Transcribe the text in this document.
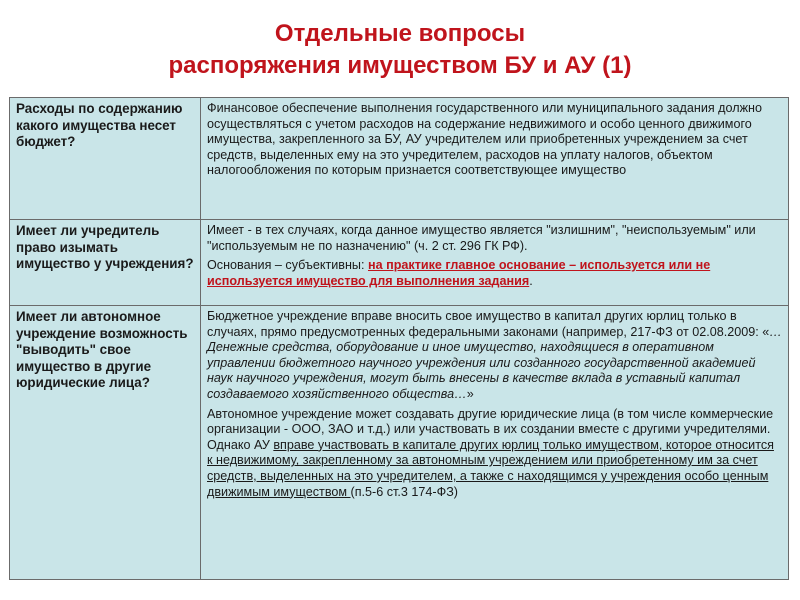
Отдельные вопросы
распоряжения имуществом БУ и АУ (1)
Расходы по содержанию какого имущества несет бюджет?	Финансовое обеспечение выполнения государственного или муниципального задания должно осуществляться с учетом расходов на содержание недвижимого и особо ценного движимого имущества, закрепленного за БУ, АУ учредителем или приобретенных учреждением за счет средств, выделенных ему на это учредителем, расходов на уплату налогов, объектом налогообложения по которым признается соответствующее имущество
Имеет ли учредитель право изымать имущество у учреждения?	Имеет - в тех случаях, когда данное имущество является "излишним", "неиспользуемым" или "используемым не по назначению" (ч. 2 ст. 296 ГК РФ).

Основания – субъективны: на практике главное основание – используется или не используется имущество для выполнения задания.

Имеет ли автономное учреждение возможность "выводить" свое имущество в другие юридические лица?	Бюджетное учреждение вправе вносить свое имущество в капитал других юрлиц только в случаях, прямо предусмотренных федеральными законами (например, 217-ФЗ от 02.08.2009: «…Денежные средства, оборудование и иное имущество, находящиеся в оперативном управлении бюджетного научного учреждения или созданного государственной академией наук научного учреждения, могут быть внесены в качестве вклада в уставный капитал создаваемого хозяйственного общества…»

Автономное учреждение может создавать другие юридические лица (в том числе коммерческие организации - ООО, ЗАО и т.д.) или участвовать в их создании вместе с другими учредителями. Однако АУ вправе участвовать в капитале других юрлиц только имуществом, которое относится к недвижимому, закрепленному за автономным учреждением или приобретенному им за счет средств, выделенных на это учредителем, а также с находящимся у учреждения особо ценным движимым имуществом (п.5-6 ст.3 174-ФЗ)
